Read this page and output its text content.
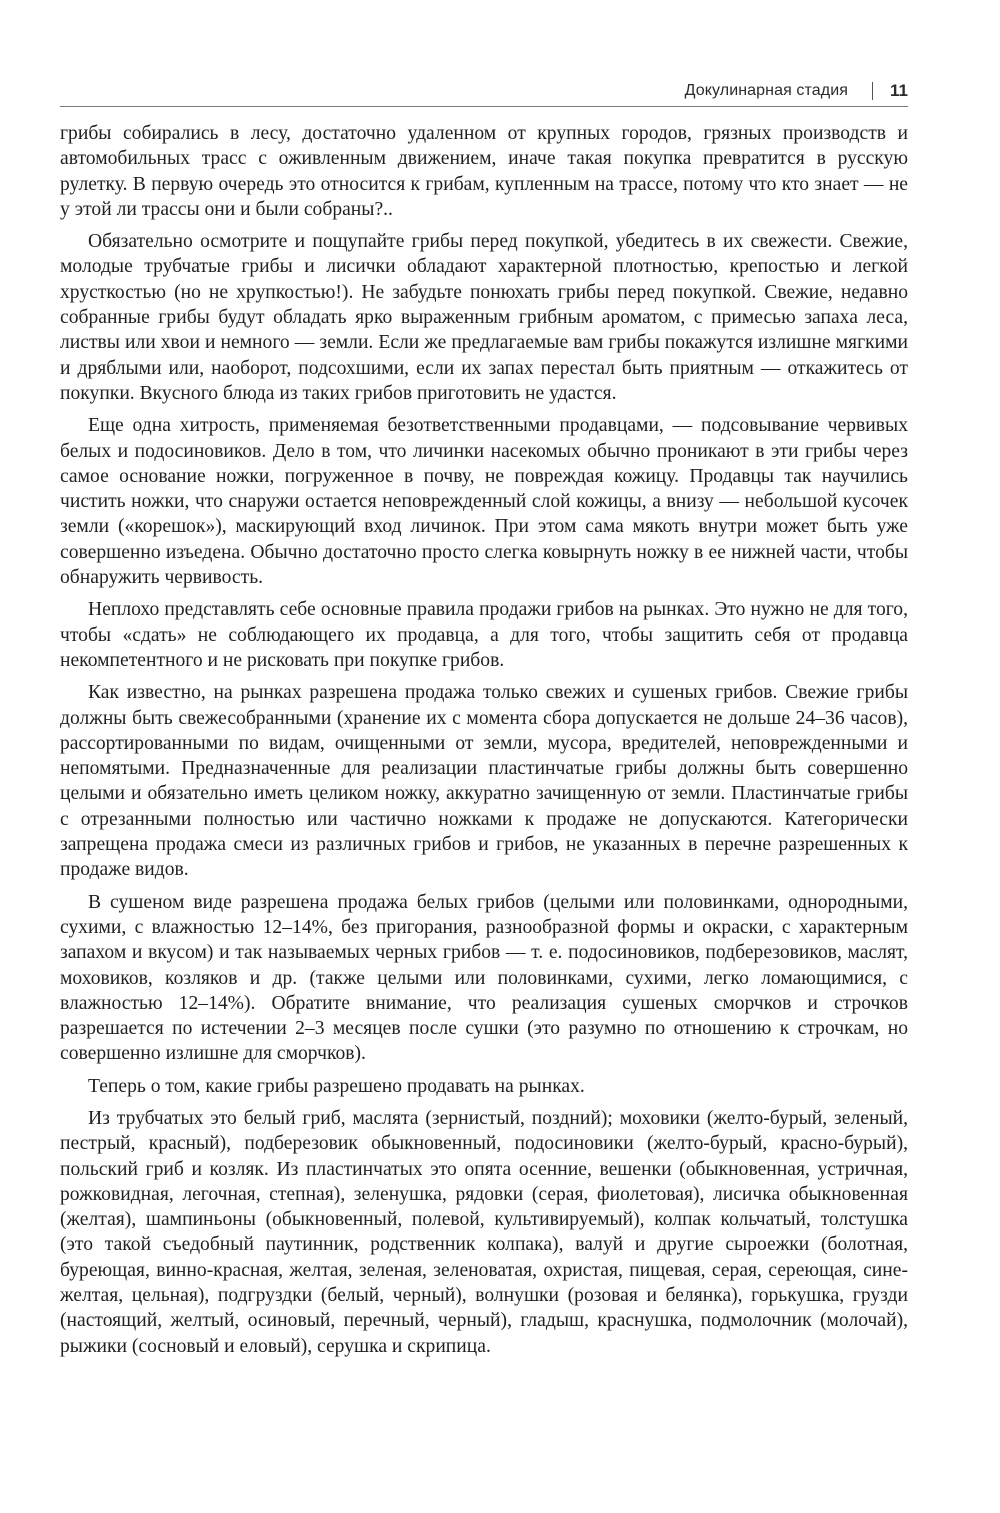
Докулинарная стадия 11

грибы собирались в лесу, достаточно удаленном от крупных городов, грязных производств и автомобильных трасс с оживленным движением, иначе такая покупка превратится в русскую рулетку. В первую очередь это относится к грибам, купленным на трассе, потому что кто знает — не у этой ли трассы они и были собраны?..

Обязательно осмотрите и пощупайте грибы перед покупкой, убедитесь в их свежести. Свежие, молодые трубчатые грибы и лисички обладают характерной плотностью, крепостью и легкой хрусткостью (но не хрупкостью!). Не забудьте понюхать грибы перед покупкой. Свежие, недавно собранные грибы будут обладать ярко выраженным грибным ароматом, с примесью запаха леса, листвы или хвои и немного — земли. Если же предлагаемые вам грибы покажутся излишне мягкими и дряблыми или, наоборот, подсохшими, если их запах перестал быть приятным — откажитесь от покупки. Вкусного блюда из таких грибов приготовить не удастся.

Еще одна хитрость, применяемая безответственными продавцами, — подсовывание червивых белых и подосиновиков. Дело в том, что личинки насекомых обычно проникают в эти грибы через самое основание ножки, погруженное в почву, не повреждая кожицу. Продавцы так научились чистить ножки, что снаружи остается неповрежденный слой кожицы, а внизу — небольшой кусочек земли («корешок»), маскирующий вход личинок. При этом сама мякоть внутри может быть уже совершенно изъедена. Обычно достаточно просто слегка ковырнуть ножку в ее нижней части, чтобы обнаружить червивость.

Неплохо представлять себе основные правила продажи грибов на рынках. Это нужно не для того, чтобы «сдать» не соблюдающего их продавца, а для того, чтобы защитить себя от продавца некомпетентного и не рисковать при покупке грибов.

Как известно, на рынках разрешена продажа только свежих и сушеных грибов. Свежие грибы должны быть свежесобранными (хранение их с момента сбора допускается не дольше 24–36 часов), рассортированными по видам, очищенными от земли, мусора, вредителей, неповрежденными и непомятыми. Предназначенные для реализации пластинчатые грибы должны быть совершенно целыми и обязательно иметь целиком ножку, аккуратно зачищенную от земли. Пластинчатые грибы с отрезанными полностью или частично ножками к продаже не допускаются. Категорически запрещена продажа смеси из различных грибов и грибов, не указанных в перечне разрешенных к продаже видов.

В сушеном виде разрешена продажа белых грибов (целыми или половинками, однородными, сухими, с влажностью 12–14%, без пригорания, разнообразной формы и окраски, с характерным запахом и вкусом) и так называемых черных грибов — т. е. подосиновиков, подберезовиков, маслят, моховиков, козляков и др. (также целыми или половинками, сухими, легко ломающимися, с влажностью 12–14%). Обратите внимание, что реализация сушеных сморчков и строчков разрешается по истечении 2–3 месяцев после сушки (это разумно по отношению к строчкам, но совершенно излишне для сморчков).

Теперь о том, какие грибы разрешено продавать на рынках.

Из трубчатых это белый гриб, маслята (зернистый, поздний); моховики (желто-бурый, зеленый, пестрый, красный), подберезовик обыкновенный, подосиновики (желто-бурый, красно-бурый), польский гриб и козляк. Из пластинчатых это опята осенние, вешенки (обыкновенная, устричная, рожковидная, легочная, степная), зеленушка, рядовки (серая, фиолетовая), лисичка обыкновенная (желтая), шампиньоны (обыкновенный, полевой, культивируемый), колпак кольчатый, толстушка (это такой съедобный паутинник, родственник колпака), валуй и другие сыроежки (болотная, буреющая, винно-красная, желтая, зеленая, зеленоватая, охристая, пищевая, серая, сереющая, сине-желтая, цельная), подгруздки (белый, черный), волнушки (розовая и белянка), горькушка, грузди (настоящий, желтый, осиновый, перечный, черный), гладыш, краснушка, подмолочник (молочай), рыжики (сосновый и еловый), серушка и скрипица.
